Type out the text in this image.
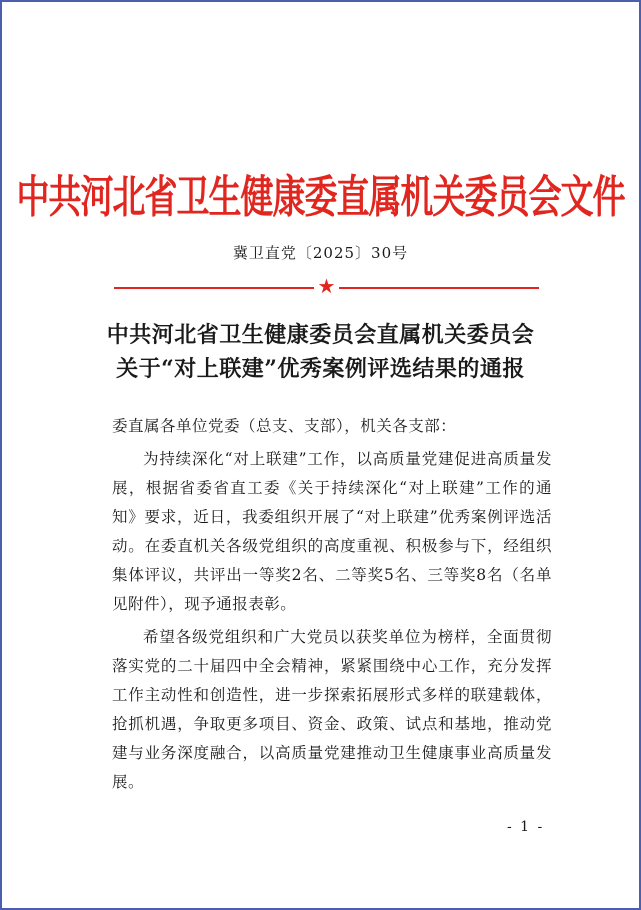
中共河北省卫生健康委直属机关委员会文件
冀卫直党〔2025〕30号
★
中共河北省卫生健康委员会直属机关委员会
关于“对上联建”优秀案例评选结果的通报

委直属各单位党委（总支、支部），机关各支部：

为持续深化“对上联建”工作，以高质量党建促进高质量发展，根据省委省直工委《关于持续深化“对上联建”工作的通知》要求，近日，我委组织开展了“对上联建”优秀案例评选活动。在委直机关各级党组织的高度重视、积极参与下，经组织集体评议，共评出一等奖2名、二等奖5名、三等奖8名（名单见附件），现予通报表彰。

希望各级党组织和广大党员以获奖单位为榜样，全面贯彻落实党的二十届四中全会精神，紧紧围绕中心工作，充分发挥工作主动性和创造性，进一步探索拓展形式多样的联建载体，抢抓机遇，争取更多项目、资金、政策、试点和基地，推动党建与业务深度融合，以高质量党建推动卫生健康事业高质量发展。

- 1 -
